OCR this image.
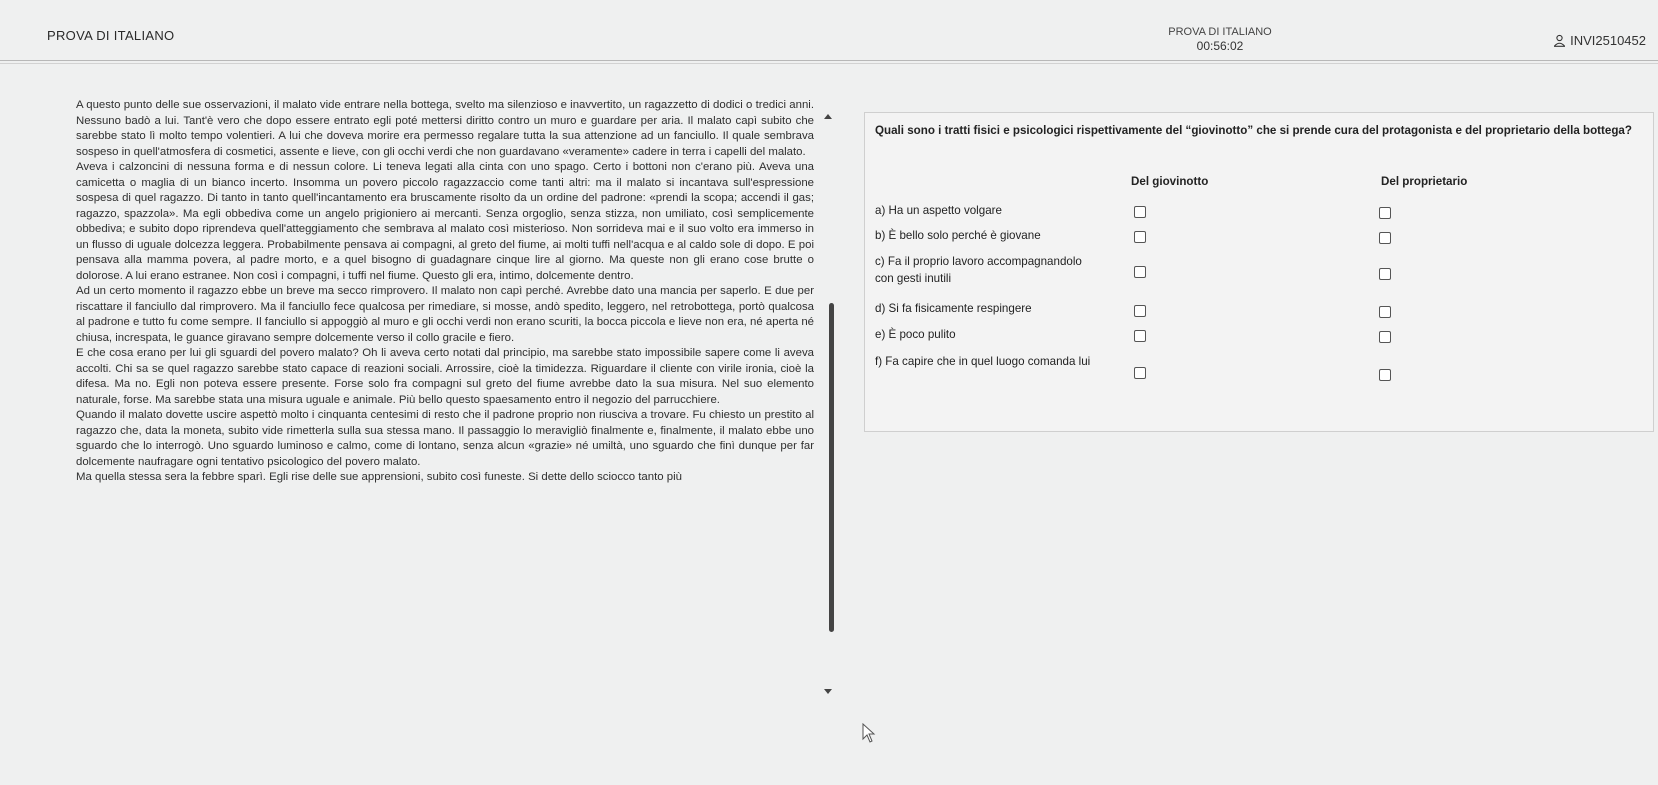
PROVA DI ITALIANO	PROVA DI ITALIANO
00:56:02	INVI2510452

A questo punto delle sue osservazioni, il malato vide entrare nella bottega, svelto ma silenzioso e inavvertito, un ragazzetto di dodici o tredici anni. Nessuno badò a lui. Tant'è vero che dopo essere entrato egli poté mettersi diritto contro un muro e guardare per aria. Il malato capì subito che sarebbe stato lì molto tempo volentieri. A lui che doveva morire era permesso regalare tutta la sua attenzione ad un fanciullo. Il quale sembrava sospeso in quell'atmosfera di cosmetici, assente e lieve, con gli occhi verdi che non guardavano «veramente» cadere in terra i capelli del malato.

Aveva i calzoncini di nessuna forma e di nessun colore. Li teneva legati alla cinta con uno spago. Certo i bottoni non c'erano più. Aveva una camicetta o maglia di un bianco incerto. Insomma un povero piccolo ragazzaccio come tanti altri: ma il malato si incantava sull'espressione sospesa di quel ragazzo. Di tanto in tanto quell'incantamento era bruscamente risolto da un ordine del padrone: «prendi la scopa; accendi il gas; ragazzo, spazzola». Ma egli obbediva come un angelo prigioniero ai mercanti. Senza orgoglio, senza stizza, non umiliato, così semplicemente obbediva; e subito dopo riprendeva quell'atteggiamento che sembrava al malato così misterioso. Non sorrideva mai e il suo volto era immerso in un flusso di uguale dolcezza leggera. Probabilmente pensava ai compagni, al greto del fiume, ai molti tuffi nell'acqua e al caldo sole di dopo. E poi pensava alla mamma povera, al padre morto, e a quel bisogno di guadagnare cinque lire al giorno. Ma queste non gli erano cose brutte o dolorose. A lui erano estranee. Non così i compagni, i tuffi nel fiume. Questo gli era, intimo, dolcemente dentro.

Ad un certo momento il ragazzo ebbe un breve ma secco rimprovero. Il malato non capì perché. Avrebbe dato una mancia per saperlo. E due per riscattare il fanciullo dal rimprovero. Ma il fanciullo fece qualcosa per rimediare, si mosse, andò spedito, leggero, nel retrobottega, portò qualcosa al padrone e tutto fu come sempre. Il fanciullo si appoggiò al muro e gli occhi verdi non erano scuriti, la bocca piccola e lieve non era, né aperta né chiusa, increspata, le guance giravano sempre dolcemente verso il collo gracile e fiero.

E che cosa erano per lui gli sguardi del povero malato? Oh li aveva certo notati dal principio, ma sarebbe stato impossibile sapere come li aveva accolti. Chi sa se quel ragazzo sarebbe stato capace di reazioni sociali. Arrossire, cioè la timidezza. Riguardare il cliente con virile ironia, cioè la difesa. Ma no. Egli non poteva essere presente. Forse solo fra compagni sul greto del fiume avrebbe dato la sua misura. Nel suo elemento naturale, forse. Ma sarebbe stata una misura uguale e animale. Più bello questo spaesamento entro il negozio del parrucchiere.

Quando il malato dovette uscire aspettò molto i cinquanta centesimi di resto che il padrone proprio non riusciva a trovare. Fu chiesto un prestito al ragazzo che, data la moneta, subito vide rimetterla sulla sua stessa mano. Il passaggio lo meravigliò finalmente e, finalmente, il malato ebbe uno sguardo che lo interrogò. Uno sguardo luminoso e calmo, come di lontano, senza alcun «grazie» né umiltà, uno sguardo che finì dunque per far dolcemente naufragare ogni tentativo psicologico del povero malato.

Ma quella stessa sera la febbre sparì. Egli rise delle sue apprensioni, subito così funeste. Si dette dello sciocco tanto più

Quali sono i tratti fisici e psicologici rispettivamente del “giovinotto” che si prende cura del protagonista e del proprietario della bottega?
Del giovinotto	Del proprietario
a) Ha un aspetto volgare
b) È bello solo perché è giovane
c) Fa il proprio lavoro accompagnandolo con gesti inutili
d) Si fa fisicamente respingere
e) È poco pulito
f) Fa capire che in quel luogo comanda lui
